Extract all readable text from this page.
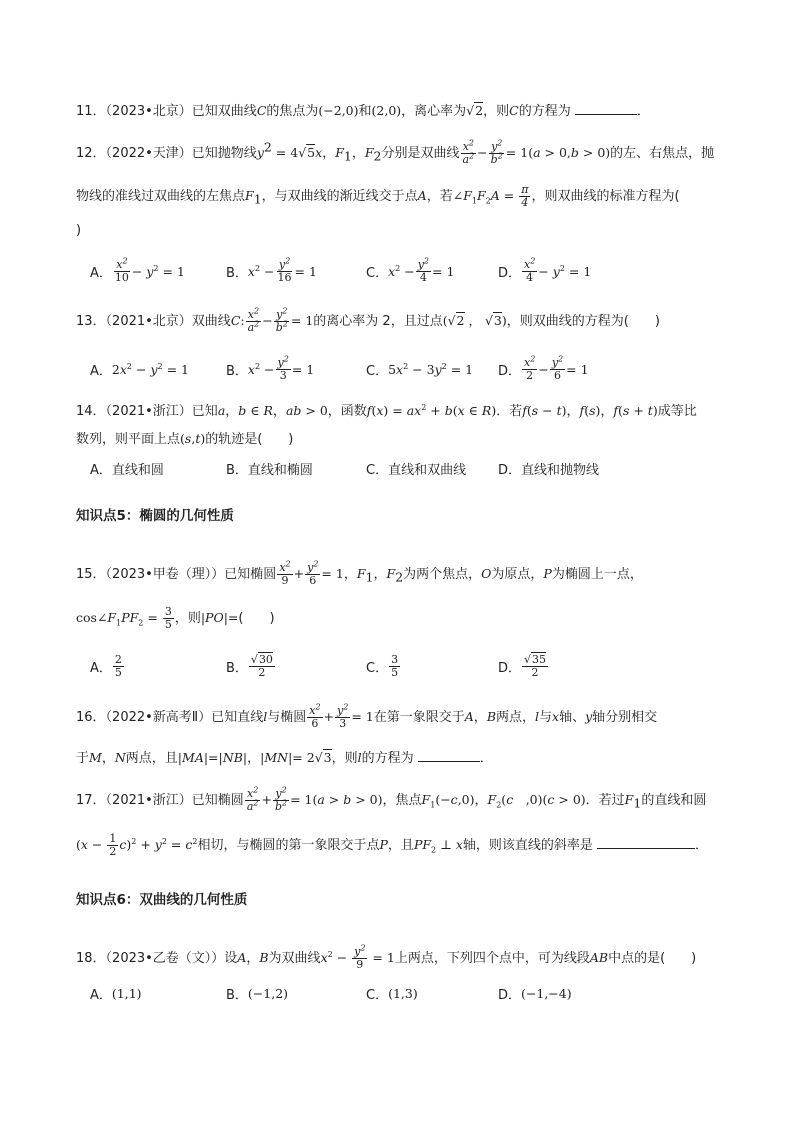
11．（2023•北京）已知双曲线C的焦点为(−2,0)和(2,0)，离心率为√2，则C的方程为	．
12．（2022•天津）已知抛物线$y^2 = 4√5x$，$F_1$，$F_2$分别是双曲线 $\frac{x^2}{a^2} - \frac{y^2}{b^2} = 1(a > 0,b > 0)$的左、右焦点，抛
物线的准线过双曲线的左焦点$F_1$，与双曲线的渐近线交于点A，若$\angle F_1F_2A = \frac{\pi}{4}$ ，则双曲线的标准方程为(
)
A． $\frac{x^2}{10} - y^2 = 1$	B． $x^2 - \frac{y^2}{16} = 1$	C． $x^2 - \frac{y^2}{4} = 1$	D． $\frac{x^2}{4} - y^2 = 1$
13．（2021•北京）双曲线C: $\frac{x^2}{a^2} - \frac{y^2}{b^2} = 1$的离心率为 2，且过点(√2 ， √3)，则双曲线的方程为(　　)
A． $2x^2 - y^2 = 1$	B． $x^2 - \frac{y^2}{3} = 1$	C． $5x^2 - 3y^2 = 1$ D． $\frac{x^2}{2} - \frac{y^2}{6} = 1$
14．（2021•浙江）已知a，b ∈ R，ab > 0，函数$f(x) = ax^2 + b(x$ ∈ R)．若f(s − t)，f(s)，f(s + t)成等比
数列，则平面上点(s,t)的轨迹是(　　)
A． 直线和圆	B． 直线和椭圆	C． 直线和双曲线 D． 直线和抛物线
知识点5：椭圆的几何性质
15．（2023•甲卷（理））已知椭圆 $\frac{x^2}{9} + \frac{y^2}{6} = 1$，$F_1$，$F_2$为两个焦点，O为原点，P为椭圆上一点，
$\cos\angle F_1PF_2 = \frac{3}{5}$ ，则|PO|=(　　)
A． $\frac{2}{5}$	B． $\frac{√30}{2}$	C． $\frac{3}{5}$	D． $\frac{√35}{2}$
16．（2022•新高考Ⅱ）已知直线l与椭圆 $\frac{x^2}{6} + \frac{y^2}{3} = 1$在第一象限交于A，B两点，l与x轴、y轴分别相交
于M，N两点，且|MA|=|NB|，|MN|= 2√3，则l的方程为	．
17．（2021•浙江）已知椭圆 $\frac{x^2}{a^2} + \frac{y^2}{b^2} = 1(a > b > 0)$，焦点$F_1(-c,0)$，$F_2(c$　,0)(c > 0)．若过$F_1$的直线和圆
$(x - \frac{1}{2} c)^2 + y^2 = c^2$相切，与椭圆的第一象限交于点P，且$PF_2$ ⊥ x轴，则该直线的斜率是	．
知识点6：双曲线的几何性质
18．（2023•乙卷（文））设A，B为双曲线$x^2 - \frac{y^2}{9} = 1$上两点，下列四个点中，可为线段AB中点的是(　　)
A． (1,1)	B． (−1,2)	C． (1,3)	D． (−1,−4)
